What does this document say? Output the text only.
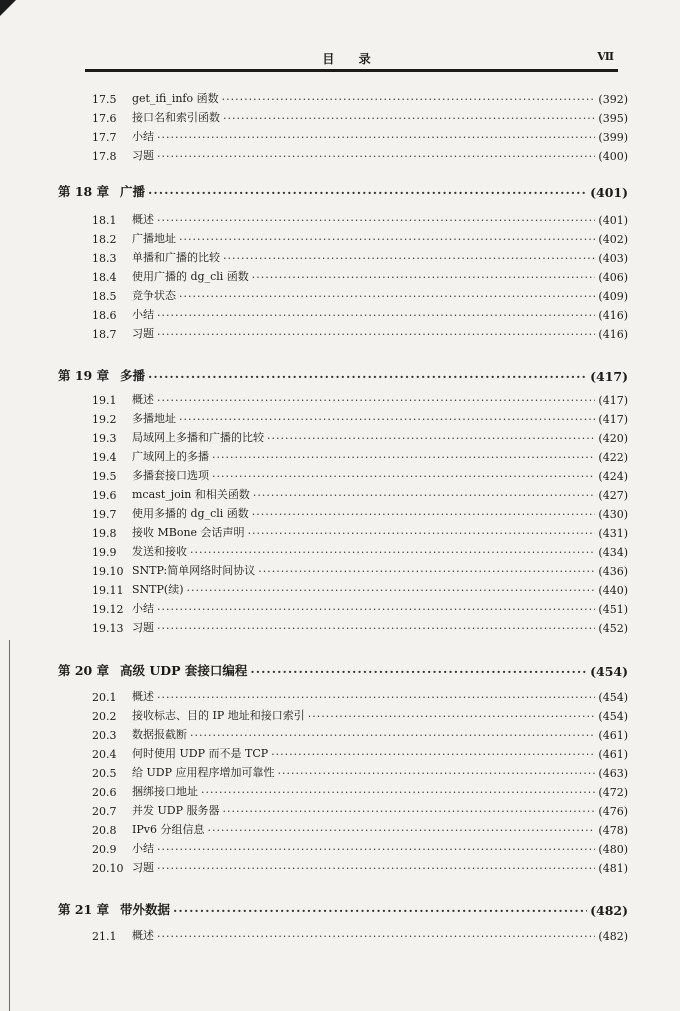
目 录	Ⅶ
17.5	get_ifi_info 函数 ·····	(392)
17.6	接口名和索引函数 ·····	(395)
17.7	小结 ·····	(399)
17.8	习题 ·····	(400)
第 18 章 广播 ·····	(401)
18.1	概述 ·····	(401)
18.2	广播地址 ·····	(402)
18.3	单播和广播的比较 ·····	(403)
18.4	使用广播的 dg_cli 函数 ·····	(406)
18.5	竞争状态 ·····	(409)
18.6	小结 ·····	(416)
18.7	习题 ·····	(416)
第 19 章 多播 ·····	(417)
19.1	概述 ·····	(417)
19.2	多播地址 ·····	(417)
19.3	局域网上多播和广播的比较 ·····	(420)
19.4	广域网上的多播 ·····	(422)
19.5	多播套接口选项 ·····	(424)
19.6	mcast_join 和相关函数 ·····	(427)
19.7	使用多播的 dg_cli 函数 ·····	(430)
19.8	接收 MBone 会话声明 ·····	(431)
19.9	发送和接收 ·····	(434)
19.10 SNTP:简单网络时间协议 ·····	(436)
19.11 SNTP(续) ·····	(440)
19.12 小结 ·····	(451)
19.13 习题 ·····	(452)
第 20 章 高级 UDP 套接口编程 ·····	(454)
20.1	概述 ·····	(454)
20.2	接收标志、目的 IP 地址和接口索引 ·····	(454)
20.3	数据报截断 ·····	(461)
20.4	何时使用 UDP 而不是 TCP ·····	(461)
20.5	给 UDP 应用程序增加可靠性 ·····	(463)
20.6	捆绑接口地址 ·····	(472)
20.7	并发 UDP 服务器 ·····	(476)
20.8	IPv6 分组信息 ·····	(478)
20.9	小结 ·····	(480)
20.10 习题 ·····	(481)
第 21 章 带外数据 ·····	(482)
21.1	概述 ·····	(482)
